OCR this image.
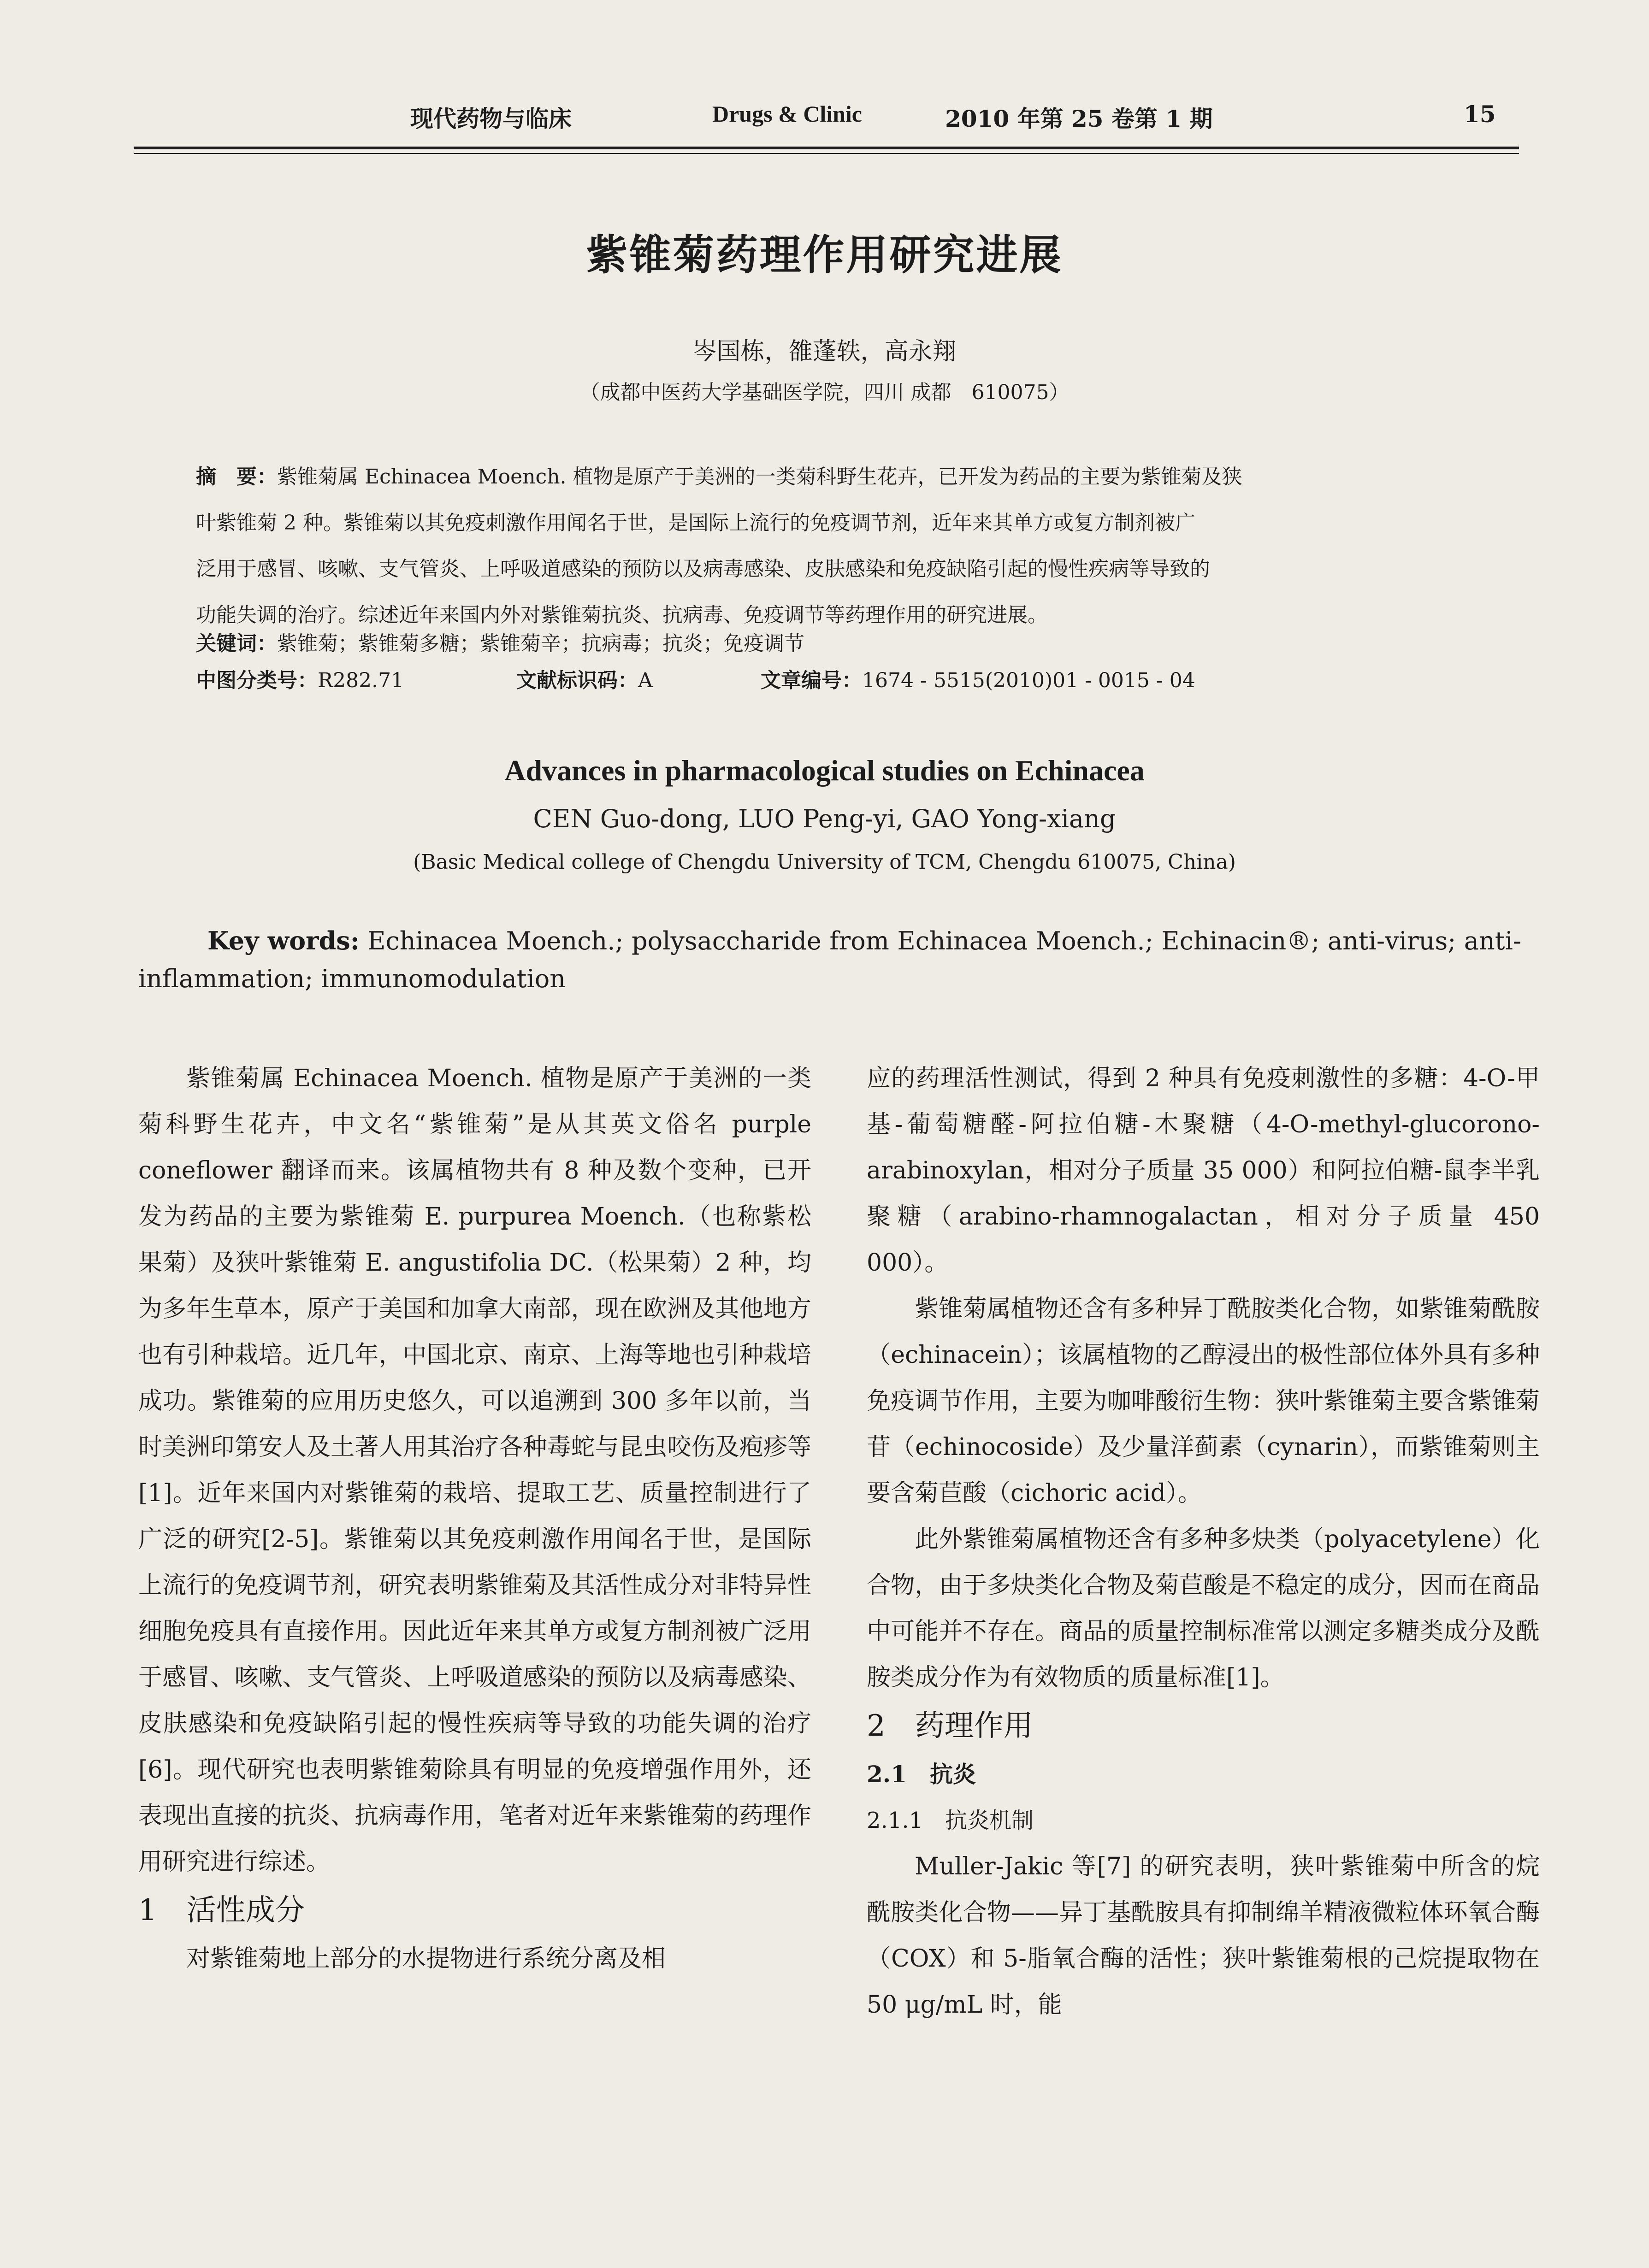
现代药物与临床	Drugs & Clinic	2010 年第 25 卷第 1 期	15
紫锥菊药理作用研究进展
岑国栋，雒蓬轶，高永翔
（成都中医药大学基础医学院，四川 成都　610075）
摘　要：紫锥菊属 Echinacea Moench. 植物是原产于美洲的一类菊科野生花卉，已开发为药品的主要为紫锥菊及狭
叶紫锥菊 2 种。紫锥菊以其免疫刺激作用闻名于世，是国际上流行的免疫调节剂，近年来其单方或复方制剂被广
泛用于感冒、咳嗽、支气管炎、上呼吸道感染的预防以及病毒感染、皮肤感染和免疫缺陷引起的慢性疾病等导致的
功能失调的治疗。综述近年来国内外对紫锥菊抗炎、抗病毒、免疫调节等药理作用的研究进展。
关键词：紫锥菊；紫锥菊多糖；紫锥菊辛；抗病毒；抗炎；免疫调节
中图分类号：R282.71	文献标识码：A	文章编号：1674 - 5515(2010)01 - 0015 - 04
Advances in pharmacological studies on Echinacea
CEN Guo-dong, LUO Peng-yi, GAO Yong-xiang
(Basic Medical college of Chengdu University of TCM, Chengdu 610075, China)
Key words: Echinacea Moench.; polysaccharide from Echinacea Moench.; Echinacin®; anti-virus; anti-inflammation; immunomodulation

紫锥菊属 Echinacea Moench. 植物是原产于美洲的一类菊科野生花卉，中文名“紫锥菊”是从其英文俗名 purple coneflower 翻译而来。该属植物共有 8 种及数个变种，已开发为药品的主要为紫锥菊 E. purpurea Moench.（也称紫松果菊）及狭叶紫锥菊 E. angustifolia DC.（松果菊）2 种，均为多年生草本，原产于美国和加拿大南部，现在欧洲及其他地方也有引种栽培。近几年，中国北京、南京、上海等地也引种栽培成功。紫锥菊的应用历史悠久，可以追溯到 300 多年以前，当时美洲印第安人及土著人用其治疗各种毒蛇与昆虫咬伤及疱疹等[1]。近年来国内对紫锥菊的栽培、提取工艺、质量控制进行了广泛的研究[2-5]。紫锥菊以其免疫刺激作用闻名于世，是国际上流行的免疫调节剂，研究表明紫锥菊及其活性成分对非特异性细胞免疫具有直接作用。因此近年来其单方或复方制剂被广泛用于感冒、咳嗽、支气管炎、上呼吸道感染的预防以及病毒感染、皮肤感染和免疫缺陷引起的慢性疾病等导致的功能失调的治疗[6]。现代研究也表明紫锥菊除具有明显的免疫增强作用外，还表现出直接的抗炎、抗病毒作用，笔者对近年来紫锥菊的药理作用研究进行综述。

1　活性成分

对紫锥菊地上部分的水提物进行系统分离及相

应的药理活性测试，得到 2 种具有免疫刺激性的多糖：4-O-甲基-葡萄糖醛-阿拉伯糖-木聚糖（4-O-methyl-glucorono-arabinoxylan，相对分子质量 35 000）和阿拉伯糖-鼠李半乳聚糖（arabino-rhamnogalactan，相对分子质量 450 000）。

紫锥菊属植物还含有多种异丁酰胺类化合物，如紫锥菊酰胺（echinacein）；该属植物的乙醇浸出的极性部位体外具有多种免疫调节作用，主要为咖啡酸衍生物：狭叶紫锥菊主要含紫锥菊苷（echinocoside）及少量洋蓟素（cynarin），而紫锥菊则主要含菊苣酸（cichoric acid）。

此外紫锥菊属植物还含有多种多炔类（polyacetylene）化合物，由于多炔类化合物及菊苣酸是不稳定的成分，因而在商品中可能并不存在。商品的质量控制标准常以测定多糖类成分及酰胺类成分作为有效物质的质量标准[1]。

2　药理作用

2.1　抗炎

2.1.1　抗炎机制

Muller-Jakic 等[7] 的研究表明，狭叶紫锥菊中所含的烷酰胺类化合物——异丁基酰胺具有抑制绵羊精液微粒体环氧合酶（COX）和 5-脂氧合酶的活性；狭叶紫锥菊根的己烷提取物在 50 μg/mL 时，能
